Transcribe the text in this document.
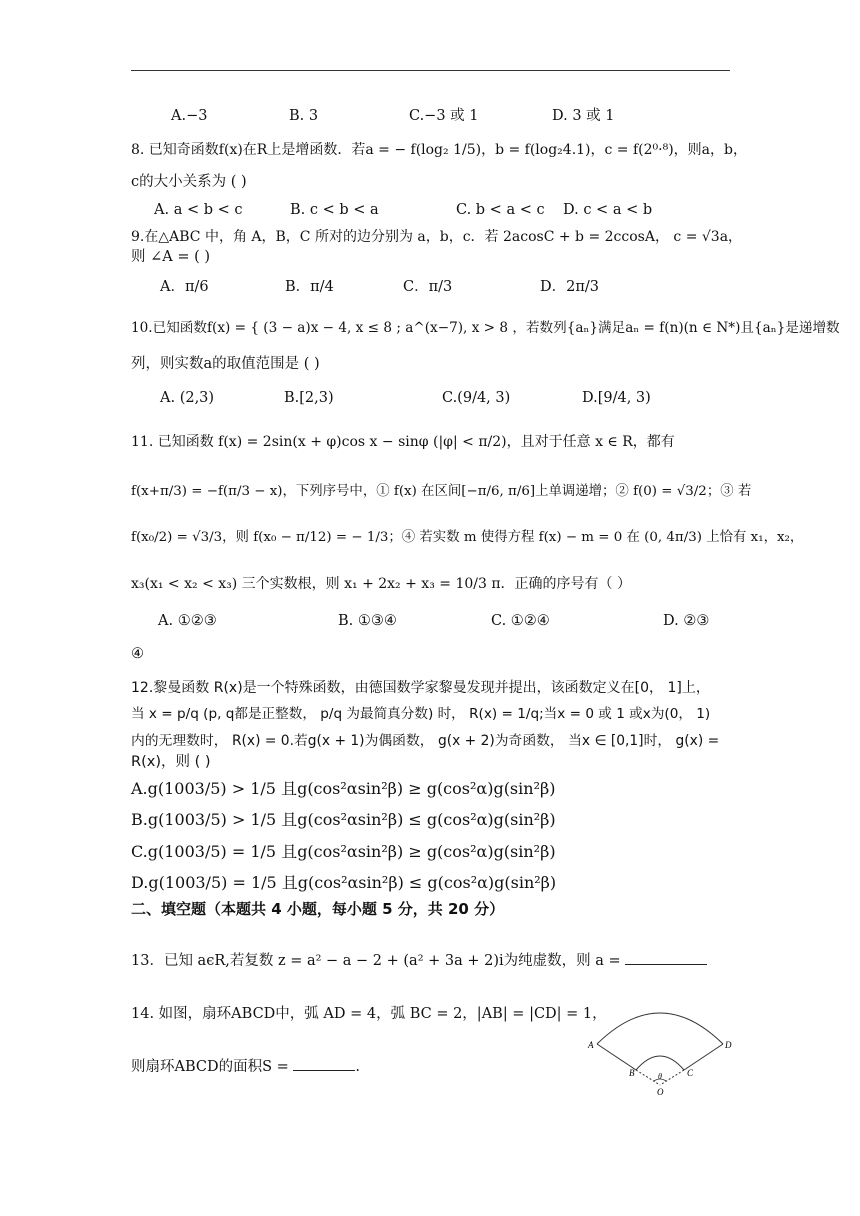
A.−3	B. 3	C.−3 或 1	D. 3 或 1
8. 已知奇函数f(x)在R上是增函数．若a = − f(log₂ 1/5)，b = f(log₂4.1)，c = f(2⁰·⁸)，则a，b，
c的大小关系为 ( )
A. a < b < c	B. c < b < a	C. b < a < c D. c < a < b
9.在△ABC 中，角 A，B，C 所对的边分别为 a，b，c．若 2acosC + b = 2ccosA， c = √3a，
则 ∠A = ( )
A．π/6	B．π/4	C．π/3	D．2π/3
10.已知函数f(x) = { (3 − a)x − 4, x ≤ 8 ; a^(x−7), x > 8 ，若数列{aₙ}满足aₙ = f(n)(n ∈ N*)且{aₙ}是递增数
列，则实数a的取值范围是 ( )
A. (2,3)	B.[2,3)	C.(9/4, 3)	D.[9/4, 3)
11. 已知函数 f(x) = 2sin(x + φ)cos x − sinφ (|φ| < π/2)，且对于任意 x ∈ R，都有
f(x+π/3) = −f(π/3 − x)，下列序号中，① f(x) 在区间[−π/6, π/6]上单调递增；② f(0) = √3/2；③ 若
f(x₀/2) = √3/3，则 f(x₀ − π/12) = − 1/3；④ 若实数 m 使得方程 f(x) − m = 0 在 (0, 4π/3) 上恰有 x₁，x₂，
x₃(x₁ < x₂ < x₃) 三个实数根，则 x₁ + 2x₂ + x₃ = 10/3 π．正确的序号有（ ）
A. ①②③	B. ①③④	C. ①②④	D. ②③
④
12.黎曼函数 R(x)是一个特殊函数，由德国数学家黎曼发现并提出，该函数定义在[0， 1]上，
当 x = p/q (p, q都是正整数， p/q 为最简真分数) 时， R(x) = 1/q;当x = 0 或 1 或x为(0， 1)
内的无理数时， R(x) = 0.若g(x + 1)为偶函数， g(x + 2)为奇函数， 当x ∈ [0,1]时， g(x) =
R(x)，则 ( )
A.g(1003/5) > 1/5 且g(cos²αsin²β) ≥ g(cos²α)g(sin²β)
B.g(1003/5) > 1/5 且g(cos²αsin²β) ≤ g(cos²α)g(sin²β)
C.g(1003/5) = 1/5 且g(cos²αsin²β) ≥ g(cos²α)g(sin²β)
D.g(1003/5) = 1/5 且g(cos²αsin²β) ≤ g(cos²α)g(sin²β)
二、填空题（本题共 4 小题，每小题 5 分，共 20 分）
13．已知 aϵR,若复数 z = a² − a − 2 + (a² + 3a + 2)i为纯虚数，则 a =
14. 如图，扇环ABCD中，弧 AD = 4，弧 BC = 2，|AB| = |CD| = 1，
则扇环ABCD的面积S =	.
A
B	C
D
O
θ
